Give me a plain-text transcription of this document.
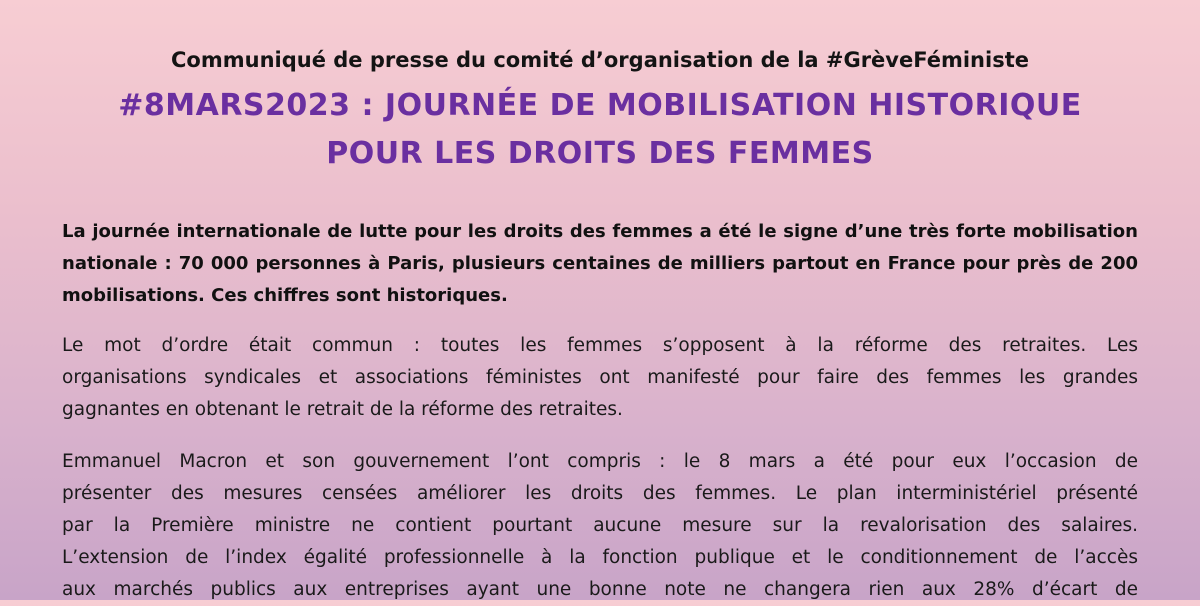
Communiqué de presse du comité d’organisation de la #GrèveFéministe
#8MARS2023 : JOURNÉE DE MOBILISATION HISTORIQUE
POUR LES DROITS DES FEMMES
La journée internationale de lutte pour les droits des femmes a été le signe d’une très forte mobilisation
nationale : 70 000 personnes à Paris, plusieurs centaines de milliers partout en France pour près de 200
mobilisations. Ces chiffres sont historiques.
Le mot d’ordre était commun : toutes les femmes s’opposent à la réforme des retraites. Les
organisations syndicales et associations féministes ont manifesté pour faire des femmes les grandes
gagnantes en obtenant le retrait de la réforme des retraites.
Emmanuel Macron et son gouvernement l’ont compris : le 8 mars a été pour eux l’occasion de
présenter des mesures censées améliorer les droits des femmes. Le plan interministériel présenté
par la Première ministre ne contient pourtant aucune mesure sur la revalorisation des salaires.
L’extension de l’index égalité professionnelle à la fonction publique et le conditionnement de l’accès
aux marchés publics aux entreprises ayant une bonne note ne changera rien aux 28% d’écart de
